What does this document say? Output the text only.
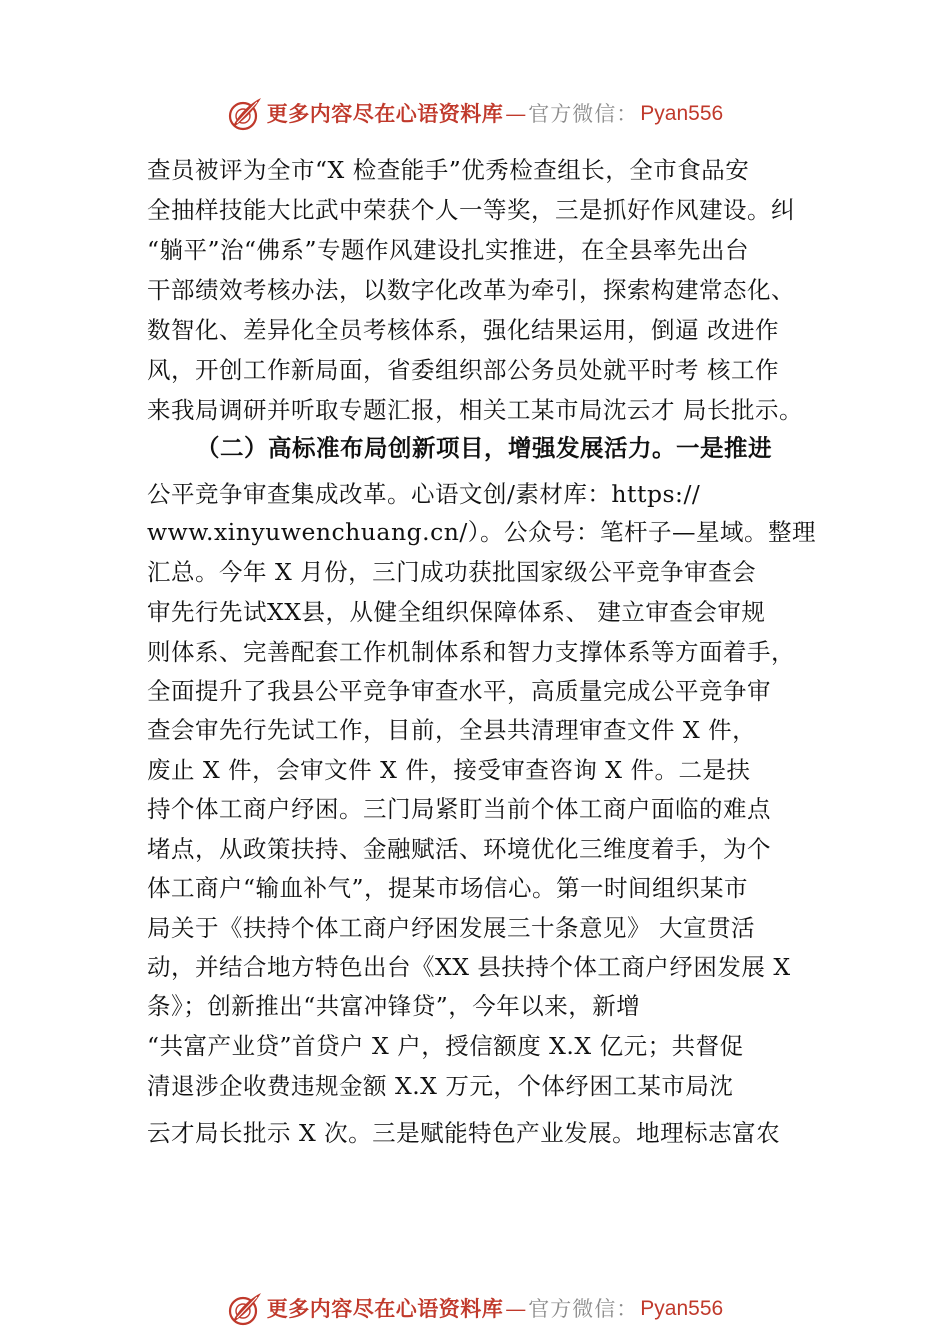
更多内容尽在心语资料库 — 官方微信： Pyan556
查员被评为全市“X 检查能手”优秀检查组长，全市食品安
全抽样技能大比武中荣获个人一等奖，三是抓好作风建设。纠
“躺平”治“佛系”专题作风建设扎实推进，在全县率先出台
干部绩效考核办法，以数字化改革为牵引，探索构建常态化、
数智化、差异化全员考核体系，强化结果运用，倒逼 改进作
风，开创工作新局面，省委组织部公务员处就平时考 核工作
来我局调研并听取专题汇报，相关工某市局沈云才 局长批示。
（二）高标准布局创新项目，增强发展活力。一是推进
公平竞争审查集成改革。心语文创/素材库：https://
www.xinyuwenchuang.cn/）。公众号：笔杆子—星域。整理
汇总。今年 X 月份，三门成功获批国家级公平竞争审查会
审先行先试XX县，从健全组织保障体系、 建立审查会审规
则体系、完善配套工作机制体系和智力支撑体系等方面着手，
全面提升了我县公平竞争审查水平，高质量完成公平竞争审
查会审先行先试工作，目前，全县共清理审查文件 X 件，
废止 X 件，会审文件 X 件，接受审查咨询 X 件。二是扶
持个体工商户纾困。三门局紧盯当前个体工商户面临的难点
堵点，从政策扶持、金融赋活、环境优化三维度着手，为个
体工商户“输血补气”，提某市场信心。第一时间组织某市
局关于《扶持个体工商户纾困发展三十条意见》 大宣贯活
动，并结合地方特色出台《XX 县扶持个体工商户纾困发展 X
条》；创新推出“共富冲锋贷”，今年以来，新增
“共富产业贷”首贷户 X 户，授信额度 X.X 亿元；共督促
清退涉企收费违规金额 X.X 万元，个体纾困工某市局沈
云才局长批示 X 次。三是赋能特色产业发展。地理标志富农
更多内容尽在心语资料库 — 官方微信： Pyan556
